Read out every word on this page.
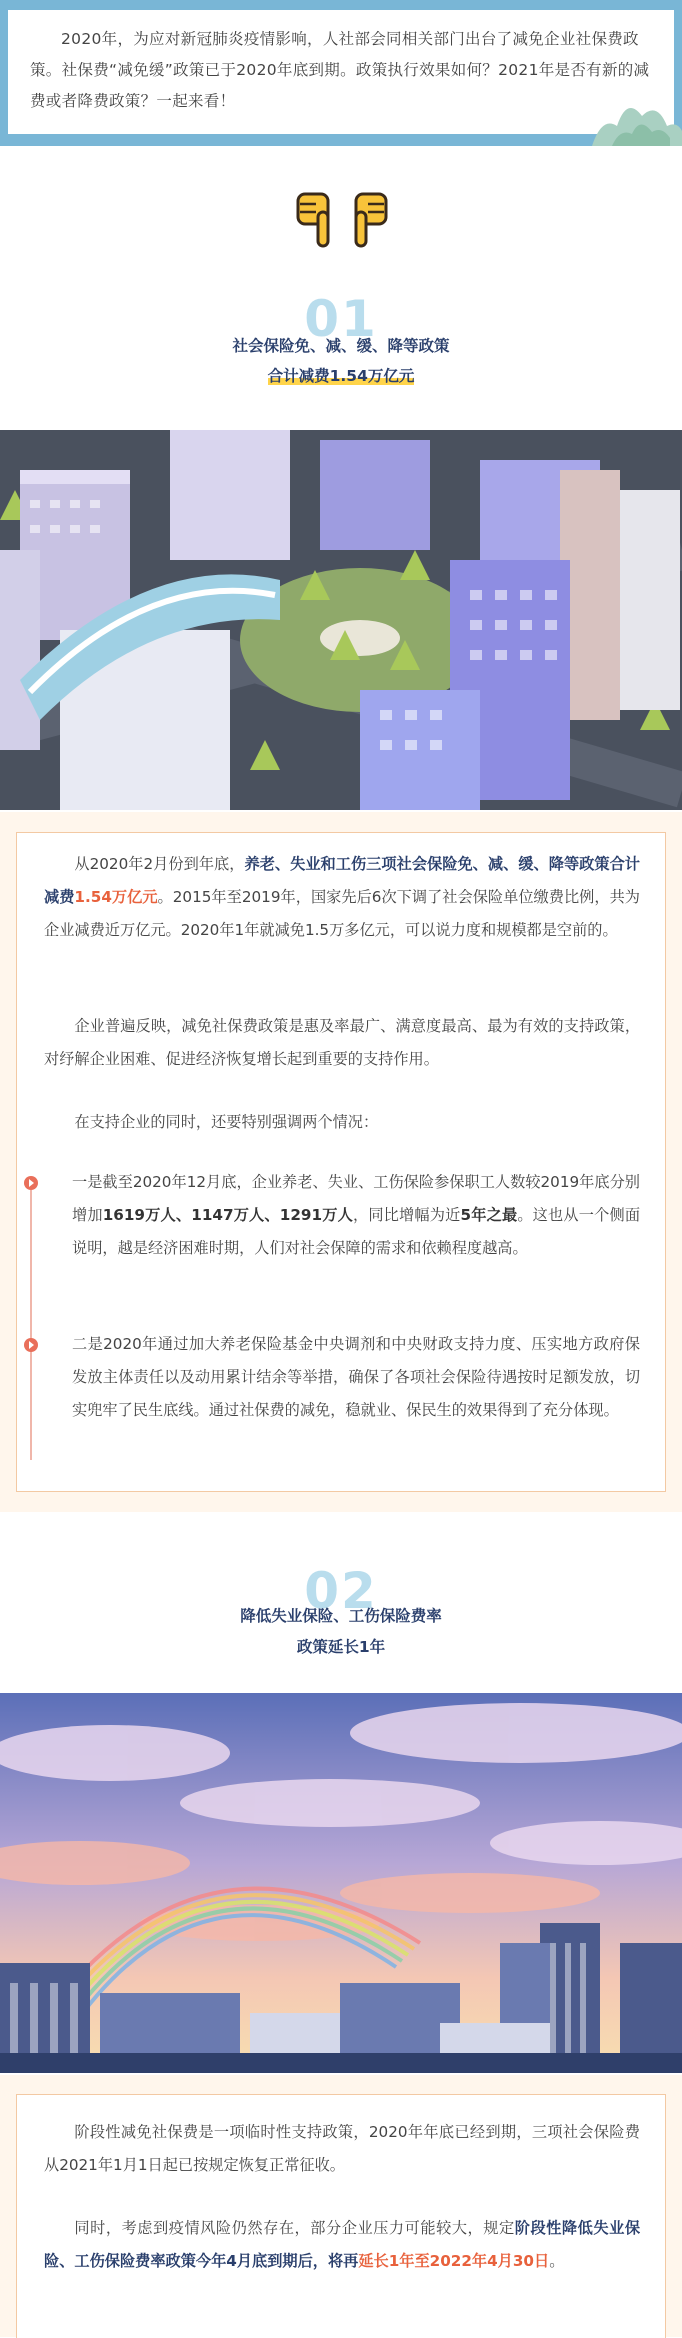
2020年，为应对新冠肺炎疫情影响，人社部会同相关部门出台了减免企业社保费政策。社保费“减免缓”政策已于2020年底到期。政策执行效果如何？2021年是否有新的减费或者降费政策？一起来看！

01
社会保险免、减、缓、降等政策
合计减费1.54万亿元
从2020年2月份到年底，养老、失业和工伤三项社会保险免、减、缓、降等政策合计减费1.54万亿元。2015年至2019年，国家先后6次下调了社会保险单位缴费比例，共为企业减费近万亿元。2020年1年就减免1.5万多亿元，可以说力度和规模都是空前的。
企业普遍反映，减免社保费政策是惠及率最广、满意度最高、最为有效的支持政策，对纾解企业困难、促进经济恢复增长起到重要的支持作用。
在支持企业的同时，还要特别强调两个情况：
一是截至2020年12月底，企业养老、失业、工伤保险参保职工人数较2019年底分别增加1619万人、1147万人、1291万人，同比增幅为近5年之最。这也从一个侧面说明，越是经济困难时期，人们对社会保障的需求和依赖程度越高。
二是2020年通过加大养老保险基金中央调剂和中央财政支持力度、压实地方政府保发放主体责任以及动用累计结余等举措，确保了各项社会保险待遇按时足额发放，切实兜牢了民生底线。通过社保费的减免，稳就业、保民生的效果得到了充分体现。
02
降低失业保险、工伤保险费率
政策延长1年
阶段性减免社保费是一项临时性支持政策，2020年年底已经到期，三项社会保险费从2021年1月1日起已按规定恢复正常征收。
同时，考虑到疫情风险仍然存在，部分企业压力可能较大，规定阶段性降低失业保险、工伤保险费率政策今年4月底到期后，将再延长1年至2022年4月30日。
